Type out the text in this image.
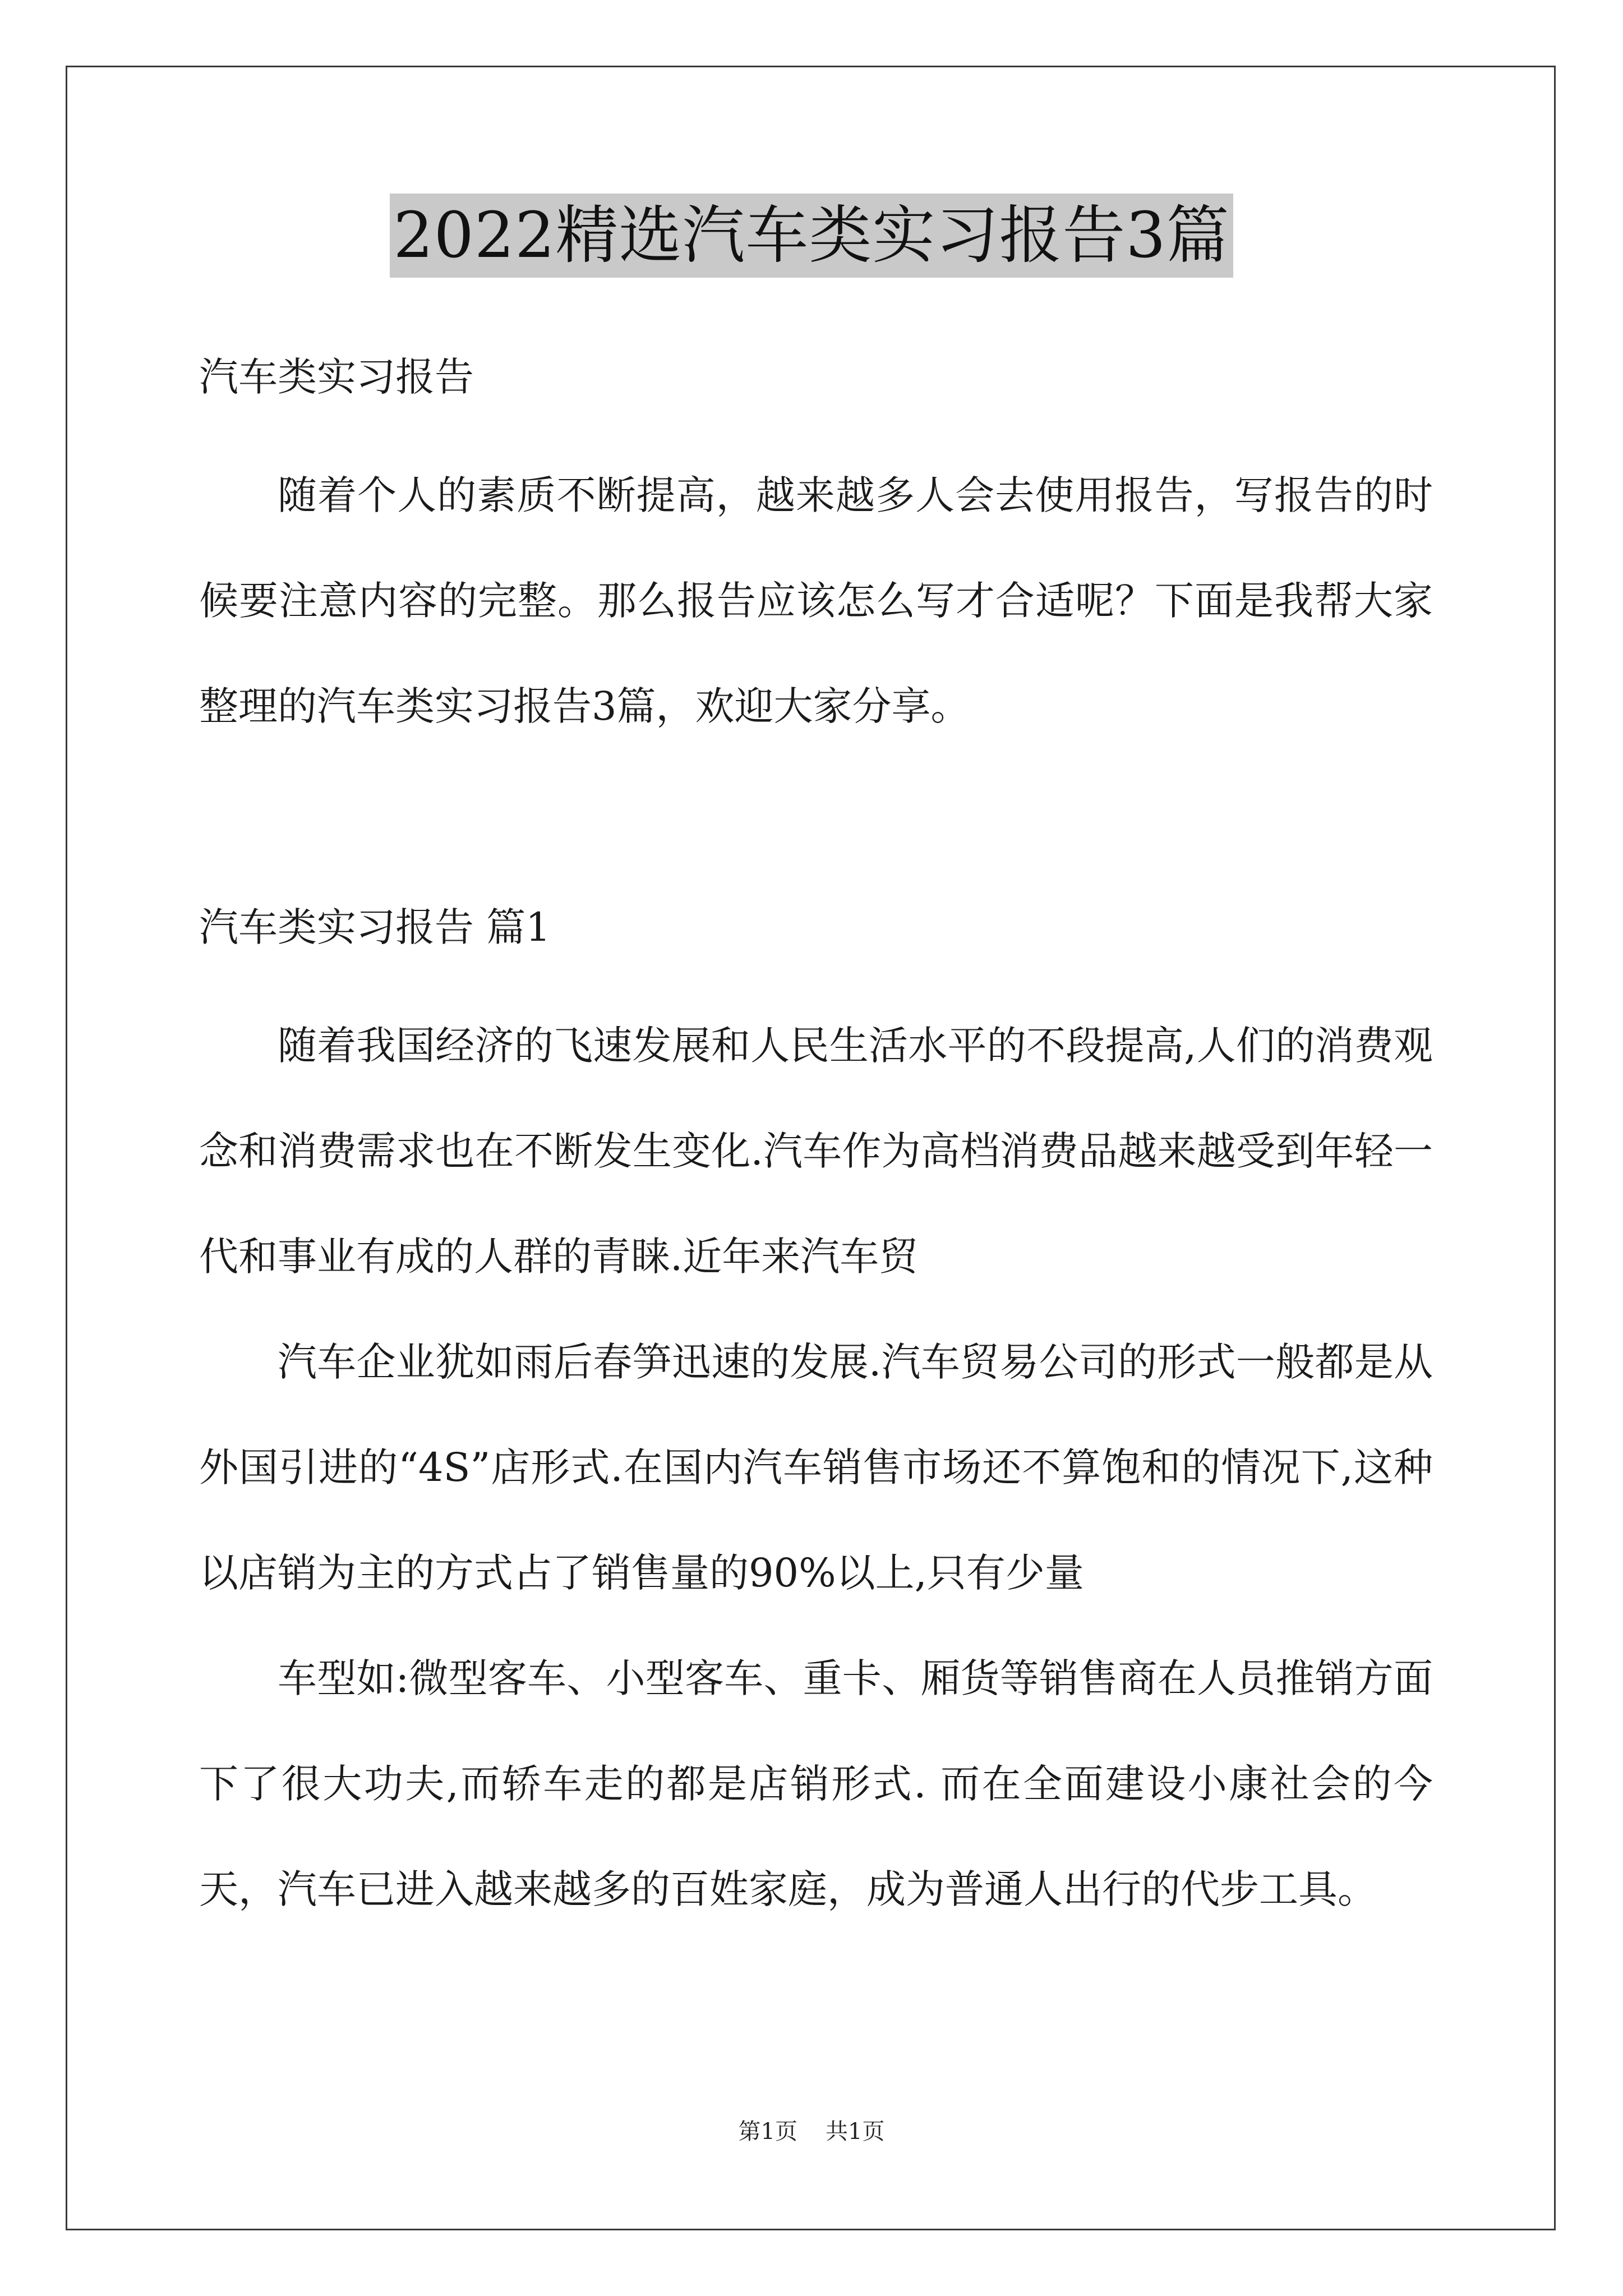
2022精选汽车类实习报告3篇
汽车类实习报告

随着个人的素质不断提高，越来越多人会去使用报告，写报告的时候要注意内容的完整。那么报告应该怎么写才合适呢？下面是我帮大家整理的汽车类实习报告3篇，欢迎大家分享。

汽车类实习报告 篇1

随着我国经济的飞速发展和人民生活水平的不段提高,人们的消费观念和消费需求也在不断发生变化.汽车作为高档消费品越来越受到年轻一代和事业有成的人群的青睐.近年来汽车贸

汽车企业犹如雨后春笋迅速的发展.汽车贸易公司的形式一般都是从外国引进的“4S”店形式.在国内汽车销售市场还不算饱和的情况下,这种以店销为主的方式占了销售量的90%以上,只有少量

车型如:微型客车、小型客车、重卡、厢货等销售商在人员推销方面下了很大功夫,而轿车走的都是店销形式. 而在全面建设小康社会的今天，汽车已进入越来越多的百姓家庭，成为普通人出行的代步工具。

第1页 共1页
